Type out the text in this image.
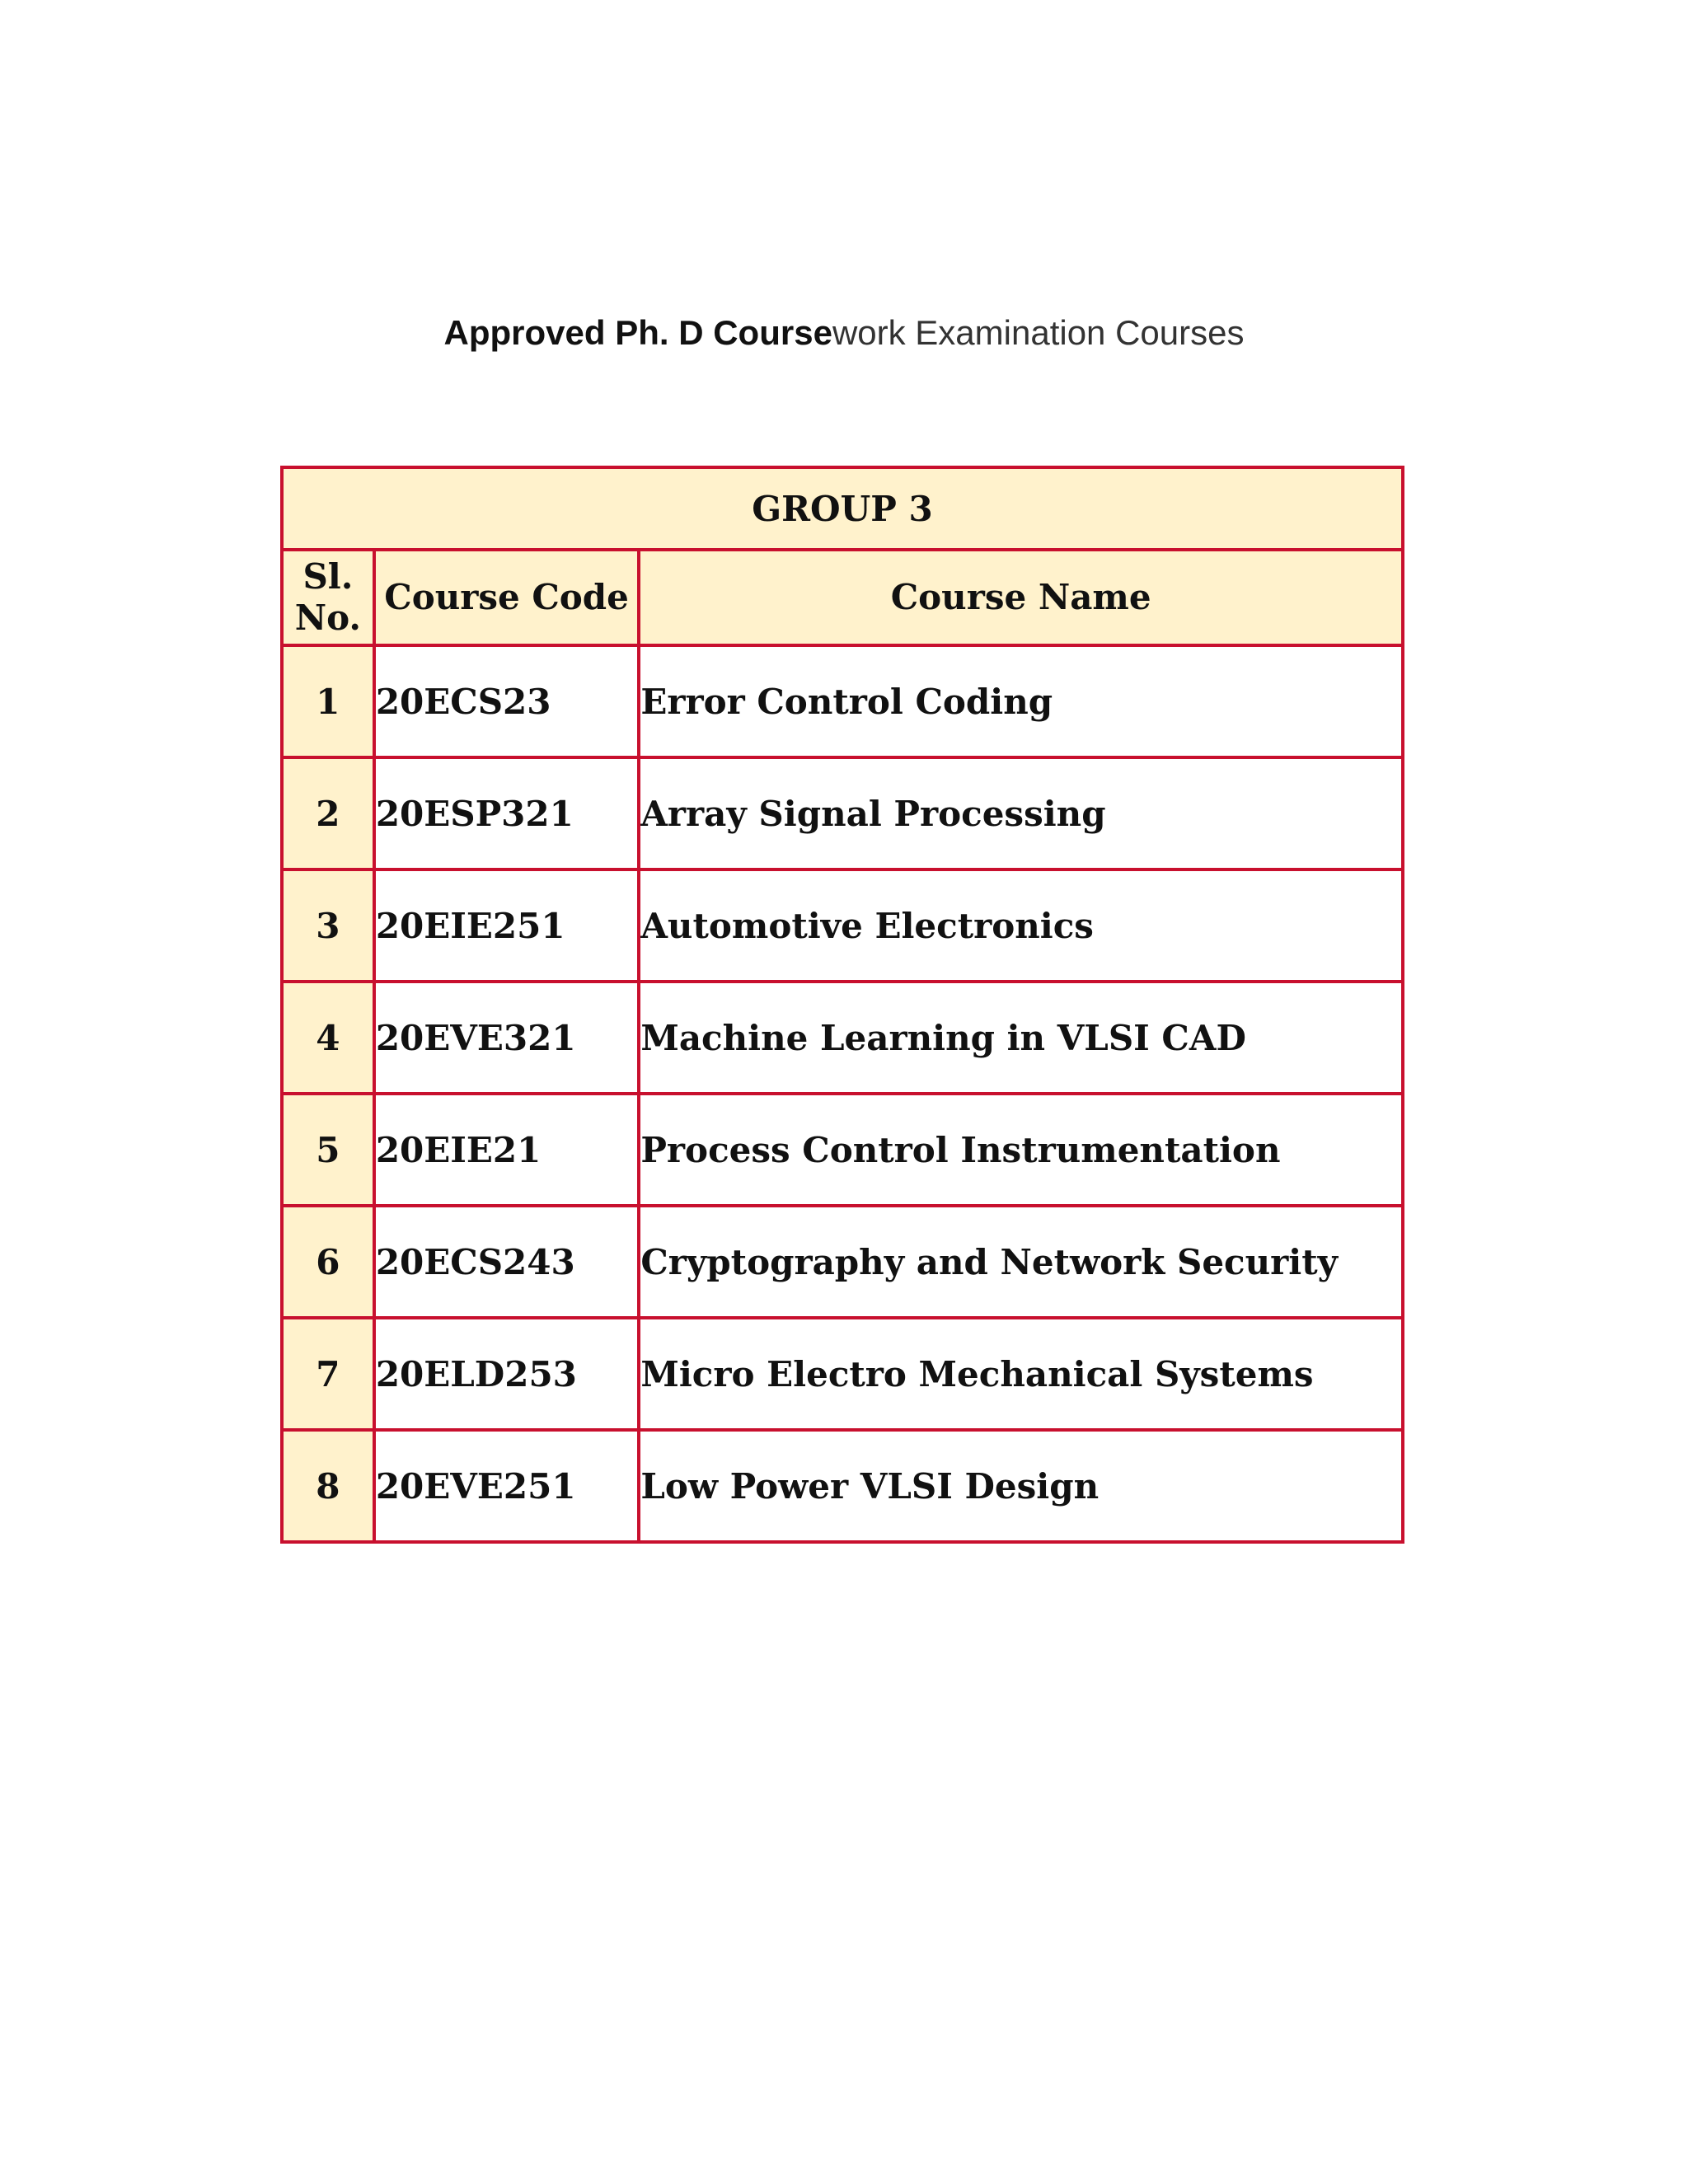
Approved Ph. D Coursework Examination Courses
GROUP 3		
Sl. No.	Course Code	Course Name
1	20ECS23	Error Control Coding
2	20ESP321	Array Signal Processing
3	20EIE251	Automotive Electronics
4	20EVE321	Machine Learning in VLSI CAD
5	20EIE21	Process Control Instrumentation
6	20ECS243	Cryptography and Network Security
7	20ELD253	Micro Electro Mechanical Systems
8	20EVE251	Low Power VLSI Design
